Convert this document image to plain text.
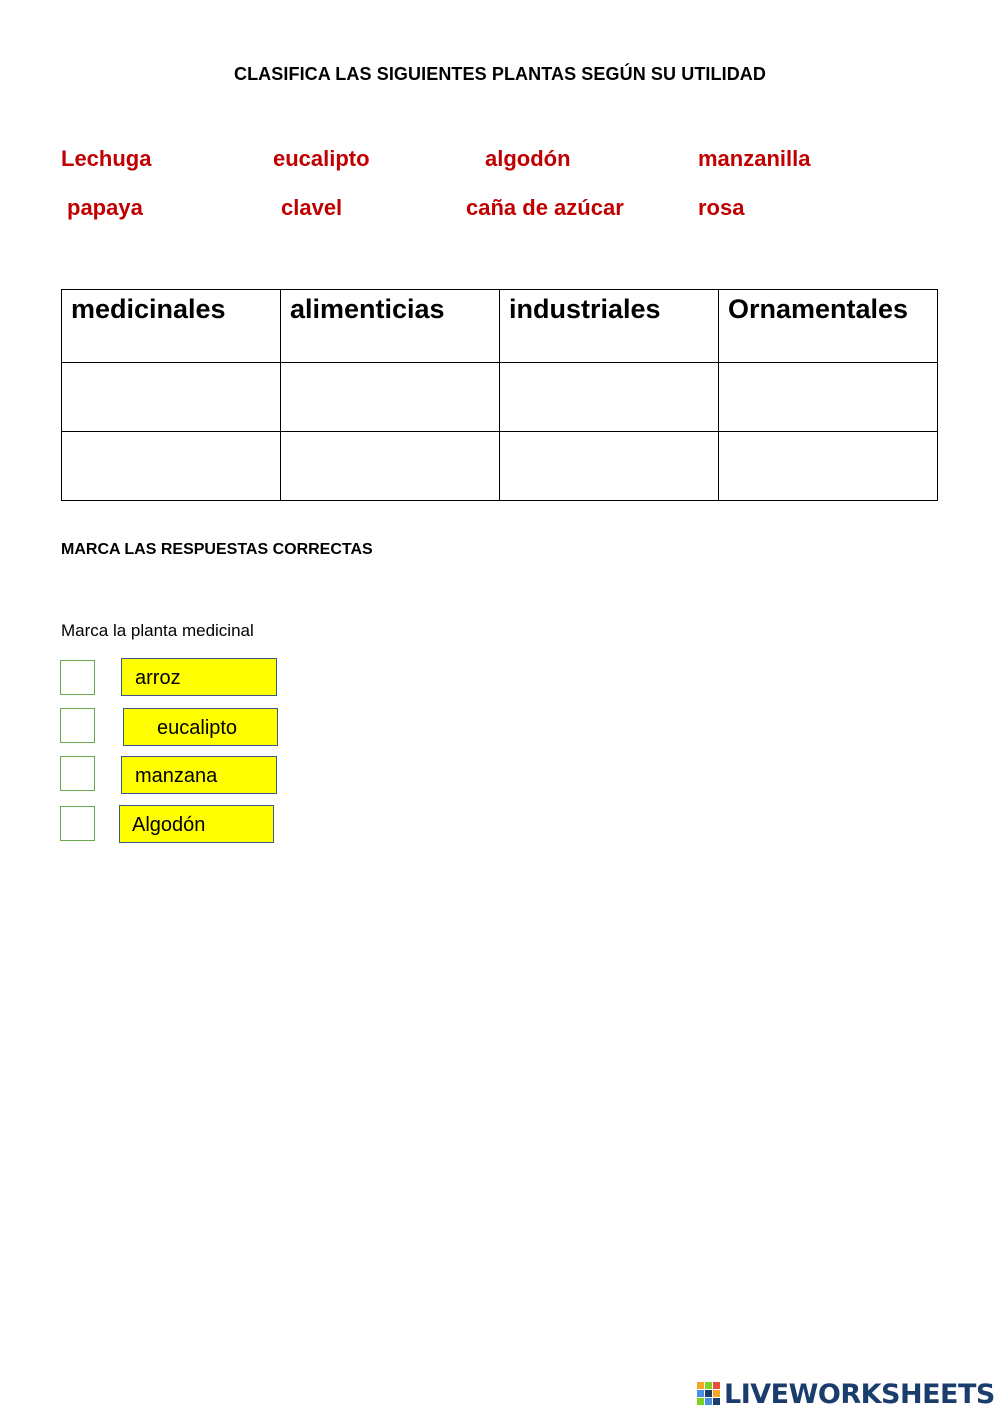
CLASIFICA LAS SIGUIENTES PLANTAS SEGÚN SU UTILIDAD
Lechuga	eucalipto	algodón	manzanilla
papaya	clavel	caña de azúcar	rosa
medicinales	alimenticias	industriales	Ornamentales

MARCA LAS RESPUESTAS CORRECTAS
Marca la planta medicinal
arroz
eucalipto
manzana
Algodón
LIVEWORKSHEETS
